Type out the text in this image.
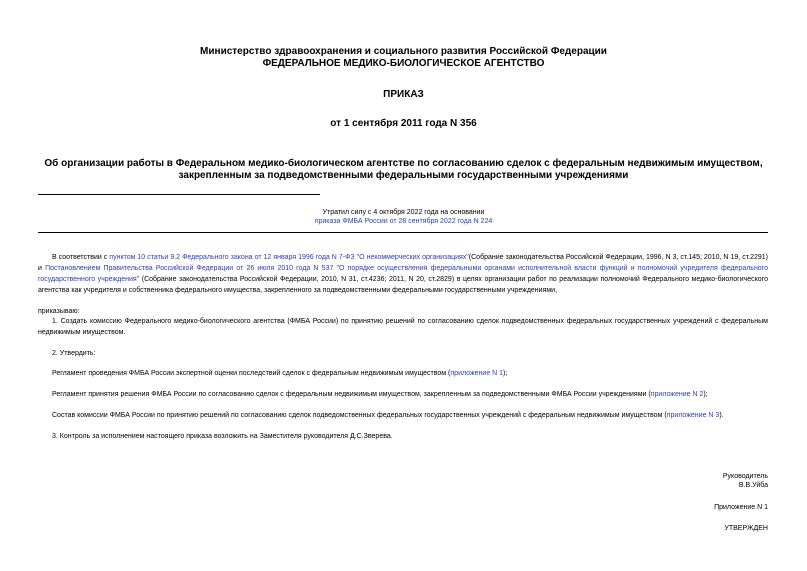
Министерство здравоохранения и социального развития Российской Федерации
ФЕДЕРАЛЬНОЕ МЕДИКО-БИОЛОГИЧЕСКОЕ АГЕНТСТВО
ПРИКАЗ
от 1 сентября 2011 года N 356
Об организации работы в Федеральном медико-биологическом агентстве по согласованию сделок с федеральным недвижимым имуществом, закрепленным за подведомственными федеральными государственными учреждениями
Утратил силу с 4 октября 2022 года на основании
приказа ФМБА России от 28 сентября 2022 года N 224
В соответствии с пунктом 10 статьи 9.2 Федерального закона от 12 января 1996 года N 7-ФЗ "О некоммерческих организациях"(Собрание законодательства Российской Федерации, 1996, N 3, ст.145; 2010, N 19, ст.2291) и Постановлением Правительства Российской Федерации от 26 июля 2010 года N 537 "О порядке осуществления федеральными органами исполнительной власти функций и полномочий учредителя федерального государственного учреждения" (Собрание законодательства Российской Федерации, 2010, N 31, ст.4236; 2011, N 20, ст.2829) в целях организации работ по реализации полномочий Федерального медико-биологического агентства как учредителя и собственника федерального имущества, закрепленного за подведомственными федеральными государственными учреждениями,
приказываю:
1. Создать комиссию Федерального медико-биологического агентства (ФМБА России) по принятию решений по согласованию сделок подведомственных федеральных государственных учреждений с федеральным недвижимым имуществом.
2. Утвердить:
Регламент проведения ФМБА России экспертной оценки последствий сделок с федеральным недвижимым имуществом (приложение N 1);
Регламент принятия решения ФМБА России по согласованию сделок с федеральным недвижимым имуществом, закрепленным за подведомственными ФМБА России учреждениями (приложение N 2);
Состав комиссии ФМБА России по принятию решений по согласованию сделок подведомственных федеральных государственных учреждений с федеральным недвижимым имуществом (приложение N 3).
3. Контроль за исполнением настоящего приказа возложить на Заместителя руководителя Д.С.Зверева.
Руководитель
В.В.Уйба
Приложение N 1
УТВЕРЖДЕН
